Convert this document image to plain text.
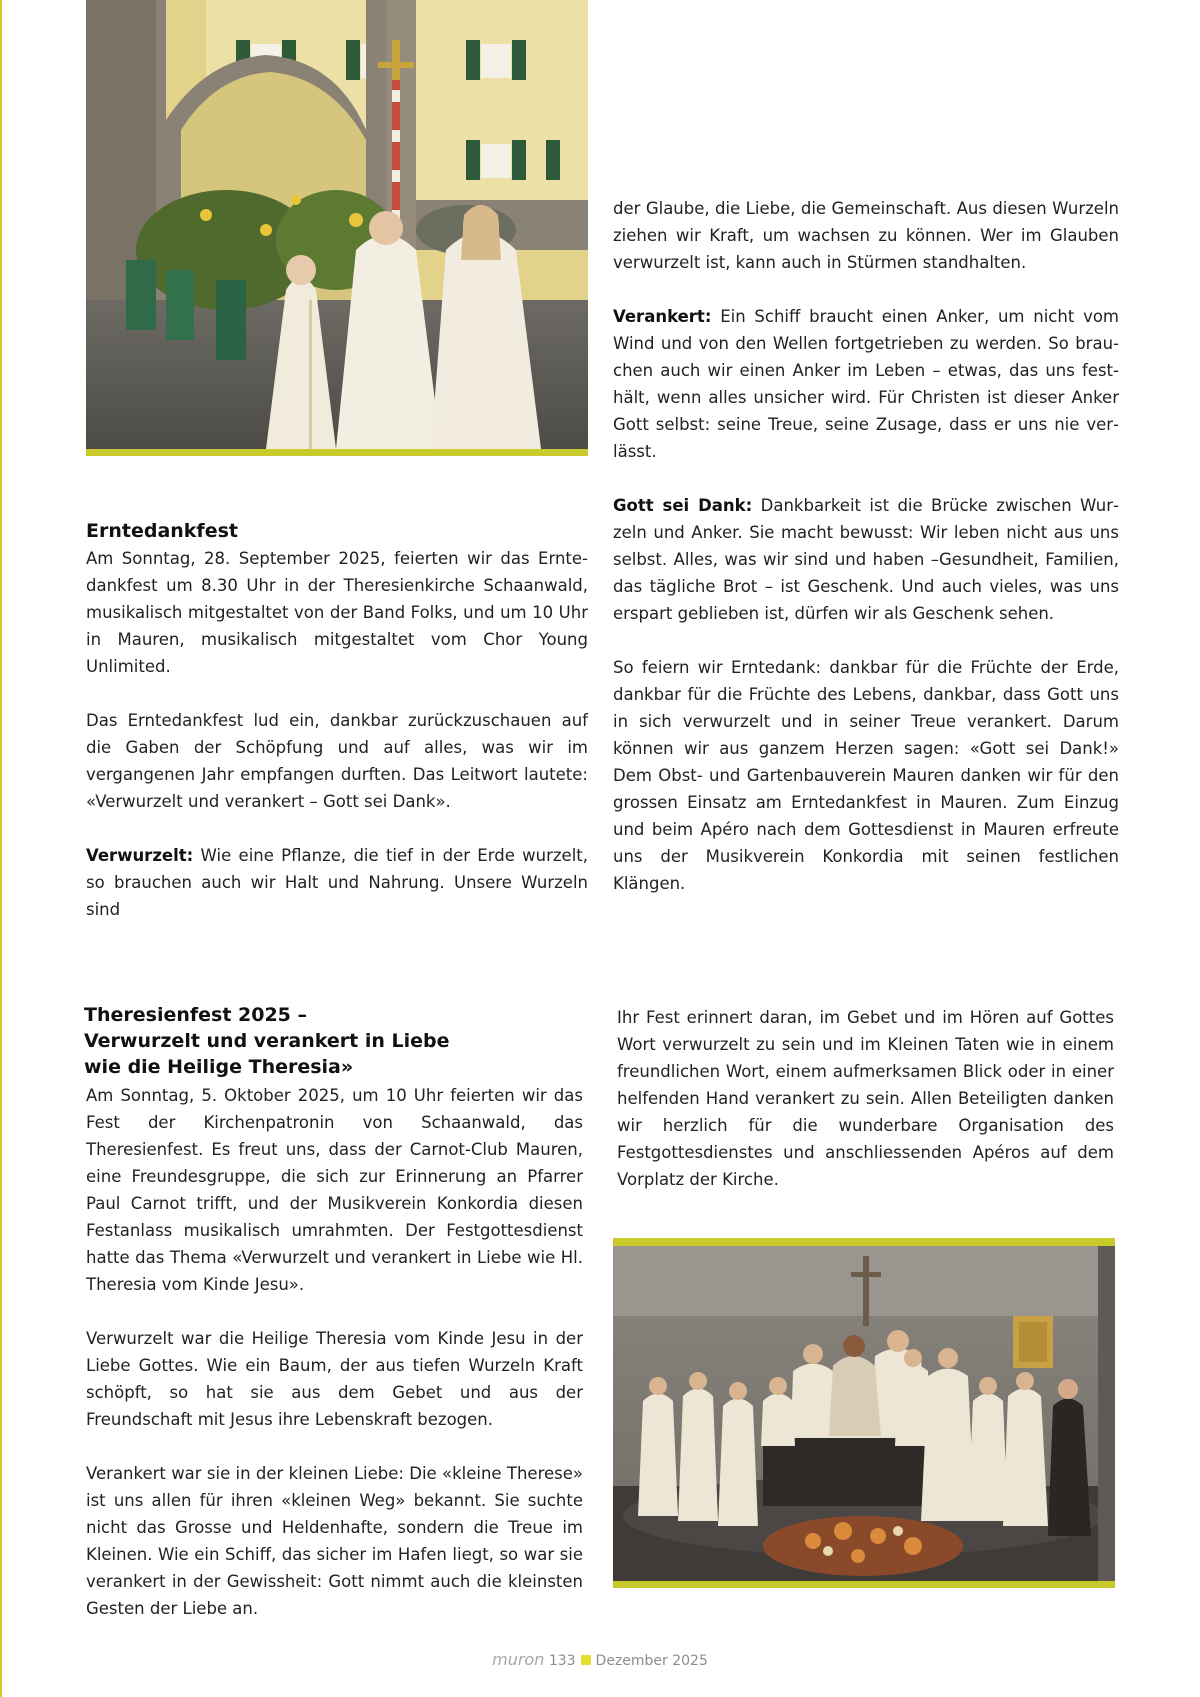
Erntedankfest

Am Sonntag, 28. September 2025, feierten wir das Erntedankfest um 8.30 Uhr in der Theresienkirche Schaanwald, musikalisch mitgestaltet von der Band Folks, und um 10 Uhr in Mauren, musikalisch mitgestaltet vom Chor Young Unlimited.

Das Erntedankfest lud ein, dankbar zurückzuschauen auf die Gaben der Schöpfung und auf alles, was wir im vergangenen Jahr empfangen durften. Das Leitwort lautete: «Verwurzelt und verankert – Gott sei Dank».

Verwurzelt: Wie eine Pflanze, die tief in der Erde wurzelt, so brauchen auch wir Halt und Nahrung. Unsere Wurzeln sind

der Glaube, die Liebe, die Gemeinschaft. Aus diesen Wurzeln ziehen wir Kraft, um wachsen zu können. Wer im Glauben verwurzelt ist, kann auch in Stürmen standhalten.

Verankert: Ein Schiff braucht einen Anker, um nicht vom Wind und von den Wellen fortgetrieben zu werden. So brauchen auch wir einen Anker im Leben – etwas, das uns festhält, wenn alles unsicher wird. Für Christen ist dieser Anker Gott selbst: seine Treue, seine Zusage, dass er uns nie verlässt.

Gott sei Dank: Dankbarkeit ist die Brücke zwischen Wurzeln und Anker. Sie macht bewusst: Wir leben nicht aus uns selbst. Alles, was wir sind und haben –Gesundheit, Familien, das tägliche Brot – ist Geschenk. Und auch vieles, was uns erspart geblieben ist, dürfen wir als Geschenk sehen.

So feiern wir Erntedank: dankbar für die Früchte der Erde, dankbar für die Früchte des Lebens, dankbar, dass Gott uns in sich verwurzelt und in seiner Treue verankert. Darum können wir aus ganzem Herzen sagen: «Gott sei Dank!» Dem Obst- und Gartenbauverein Mauren danken wir für den grossen Einsatz am Erntedankfest in Mauren. Zum Einzug und beim Apéro nach dem Gottesdienst in Mauren erfreute uns der Musikverein Konkordia mit seinen festlichen Klängen.

Theresienfest 2025 –
Verwurzelt und verankert in Liebe
wie die Heilige Theresia»

Am Sonntag, 5. Oktober 2025, um 10 Uhr feierten wir das Fest der Kirchenpatronin von Schaanwald, das Theresienfest. Es freut uns, dass der Carnot-Club Mauren, eine Freundesgruppe, die sich zur Erinnerung an Pfarrer Paul Carnot trifft, und der Musikverein Konkordia diesen Festanlass musikalisch umrahmten. Der Festgottesdienst hatte das Thema «Verwurzelt und verankert in Liebe wie Hl. Theresia vom Kinde Jesu».

Verwurzelt war die Heilige Theresia vom Kinde Jesu in der Liebe Gottes. Wie ein Baum, der aus tiefen Wurzeln Kraft schöpft, so hat sie aus dem Gebet und aus der Freundschaft mit Jesus ihre Lebenskraft bezogen.

Verankert war sie in der kleinen Liebe: Die «kleine Therese» ist uns allen für ihren «kleinen Weg» bekannt. Sie suchte nicht das Grosse und Heldenhafte, sondern die Treue im Kleinen. Wie ein Schiff, das sicher im Hafen liegt, so war sie verankert in der Gewissheit: Gott nimmt auch die kleinsten Gesten der Liebe an.

Ihr Fest erinnert daran, im Gebet und im Hören auf Gottes Wort verwurzelt zu sein und im Kleinen Taten wie in einem freundlichen Wort, einem aufmerksamen Blick oder in einer helfenden Hand verankert zu sein. Allen Beteiligten danken wir herzlich für die wunderbare Organisation des Festgottesdienstes und anschliessenden Apéros auf dem Vorplatz der Kirche.

muron 133 Dezember 2025
